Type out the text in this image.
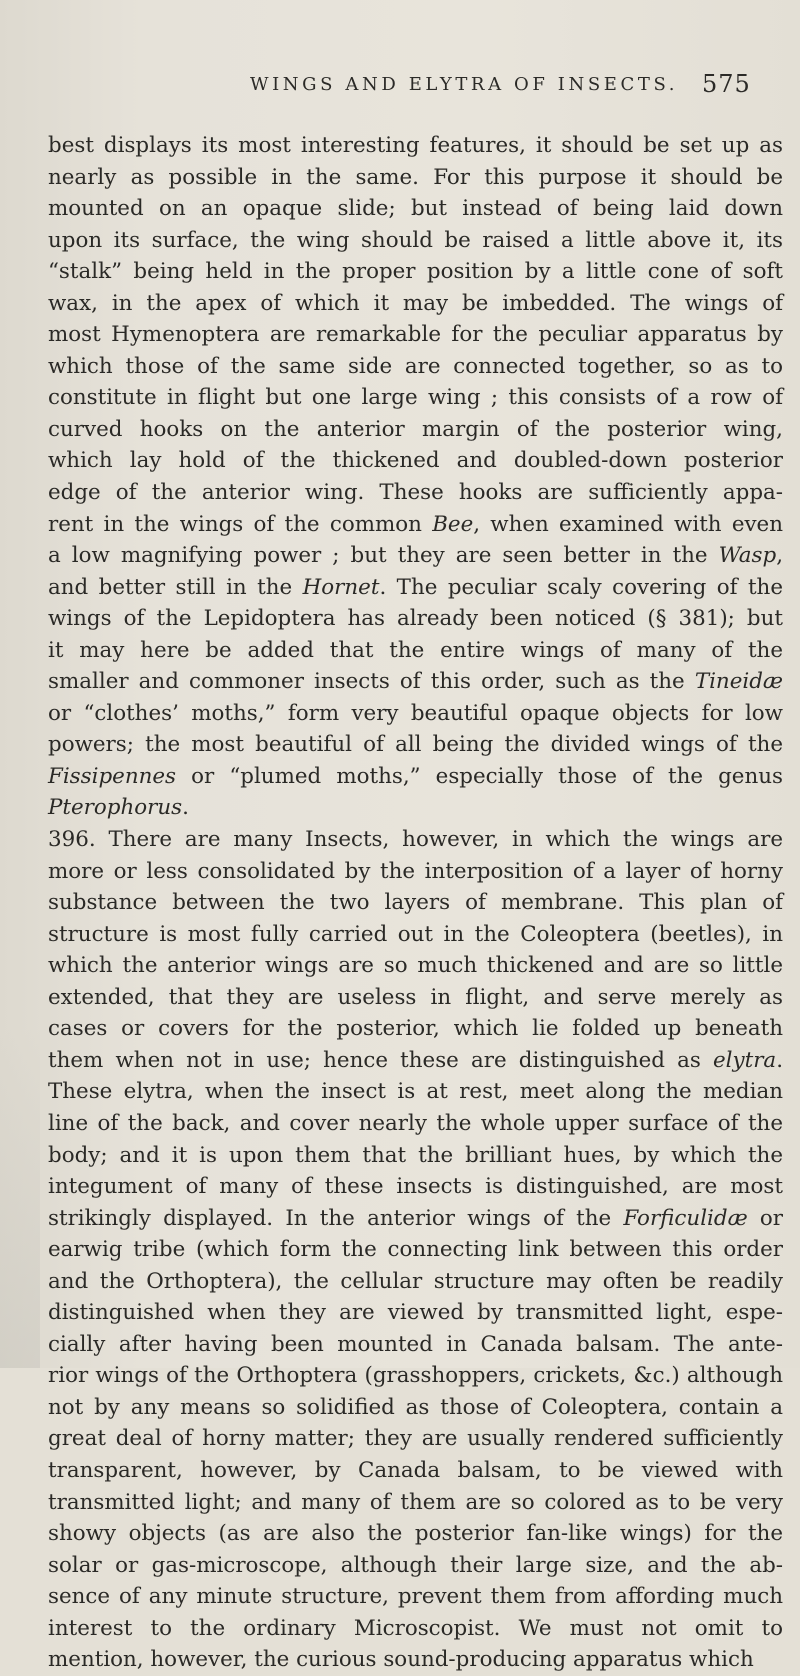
WINGS AND ELYTRA OF INSECTS. 575
best displays its most interesting features, it should be set up as
nearly as possible in the same. For this purpose it should be
mounted on an opaque slide; but instead of being laid down
upon its surface, the wing should be raised a little above it, its
“stalk” being held in the proper position by a little cone of soft
wax, in the apex of which it may be imbedded. The wings of
most Hymenoptera are remarkable for the peculiar apparatus by
which those of the same side are connected together, so as to
constitute in flight but one large wing ; this consists of a row of
curved hooks on the anterior margin of the posterior wing,
which lay hold of the thickened and doubled-down posterior
edge of the anterior wing. These hooks are sufficiently appa-
rent in the wings of the common Bee, when examined with even
a low magnifying power ; but they are seen better in the Wasp,
and better still in the Hornet. The peculiar scaly covering of the
wings of the Lepidoptera has already been noticed (§ 381); but
it may here be added that the entire wings of many of the
smaller and commoner insects of this order, such as the Tineidæ
or “clothes’ moths,” form very beautiful opaque objects for low
powers; the most beautiful of all being the divided wings of the
Fissipennes or “plumed moths,” especially those of the genus
Pterophorus.
396. There are many Insects, however, in which the wings are
more or less consolidated by the interposition of a layer of horny
substance between the two layers of membrane. This plan of
structure is most fully carried out in the Coleoptera (beetles), in
which the anterior wings are so much thickened and are so little
extended, that they are useless in flight, and serve merely as
cases or covers for the posterior, which lie folded up beneath
them when not in use; hence these are distinguished as elytra.
These elytra, when the insect is at rest, meet along the median
line of the back, and cover nearly the whole upper surface of the
body; and it is upon them that the brilliant hues, by which the
integument of many of these insects is distinguished, are most
strikingly displayed. In the anterior wings of the Forficulidæ or
earwig tribe (which form the connecting link between this order
and the Orthoptera), the cellular structure may often be readily
distinguished when they are viewed by transmitted light, espe-
cially after having been mounted in Canada balsam. The ante-
rior wings of the Orthoptera (grasshoppers, crickets, &c.) although
not by any means so solidified as those of Coleoptera, contain a
great deal of horny matter; they are usually rendered sufficiently
transparent, however, by Canada balsam, to be viewed with
transmitted light; and many of them are so colored as to be very
showy objects (as are also the posterior fan-like wings) for the
solar or gas-microscope, although their large size, and the ab-
sence of any minute structure, prevent them from affording much
interest to the ordinary Microscopist. We must not omit to
mention, however, the curious sound-producing apparatus which
